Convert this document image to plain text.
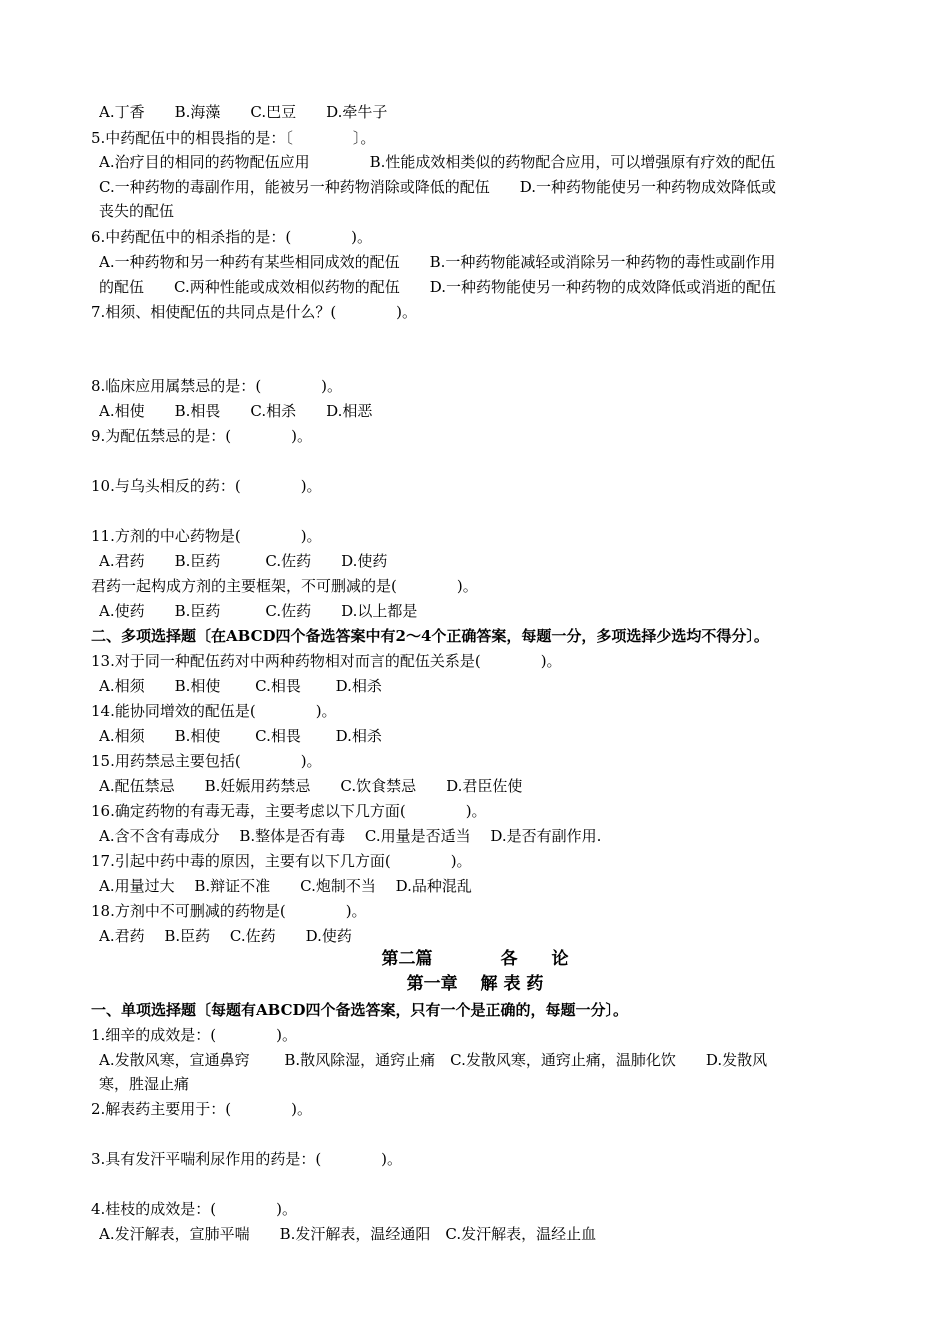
A.丁香　　B.海藻　　C.巴豆　　D.牵牛子
5.中药配伍中的相畏指的是：〔　　　　〕。
A.治疗目的相同的药物配伍应用　　　　B.性能成效相类似的药物配合应用，可以增强原有疗效的配伍
C.一种药物的毒副作用，能被另一种药物消除或降低的配伍　　D.一种药物能使另一种药物成效降低或
丧失的配伍
6.中药配伍中的相杀指的是：(　　　　)。
A.一种药物和另一种药有某些相同成效的配伍　　B.一种药物能减轻或消除另一种药物的毒性或副作用
的配伍　　C.两种性能或成效相似药物的配伍　　D.一种药物能使另一种药物的成效降低或消逝的配伍
7.相须、相使配伍的共同点是什么？(　　　　)。
8.临床应用属禁忌的是：(　　　　)。
A.相使　　B.相畏　　C.相杀　　D.相恶
9.为配伍禁忌的是：(　　　　)。
10.与乌头相反的药：(　　　　)。
11.方剂的中心药物是(　　　　)。
A.君药　　B.臣药　　　C.佐药　　D.使药
君药一起构成方剂的主要框架，不可删减的是(　　　　)。
A.使药　　B.臣药　　　C.佐药　　D.以上都是
二、多项选择题〔在ABCD四个备选答案中有2～4个正确答案，每题一分，多项选择少选均不得分〕。
13.对于同一种配伍药对中两种药物相对而言的配伍关系是(　　　　)。
A.相须　　B.相使　　 C.相畏　　 D.相杀
14.能协同增效的配伍是(　　　　)。
A.相须　　B.相使　　 C.相畏　　 D.相杀
15.用药禁忌主要包括(　　　　)。
A.配伍禁忌　　B.妊娠用药禁忌　　C.饮食禁忌　　D.君臣佐使
16.确定药物的有毒无毒，主要考虑以下几方面(　　　　)。
A.含不含有毒成分　 B.整体是否有毒　 C.用量是否适当　 D.是否有副作用.
17.引起中药中毒的原因，主要有以下几方面(　　　　)。
A.用量过大　 B.辩证不准　　C.炮制不当　 D.品种混乱
18.方剂中不可删减的药物是(　　　　)。
A.君药　 B.臣药　 C.佐药　　D.使药
一、单项选择题〔每题有ABCD四个备选答案，只有一个是正确的，每题一分〕。
1.细辛的成效是：(　　　　)。
A.发散风寒，宣通鼻窍　　 B.散风除湿，通窍止痛　C.发散风寒，通窍止痛，温肺化饮　　D.发散风
寒，胜湿止痛
2.解表药主要用于：(　　　　)。
3.具有发汗平喘利尿作用的药是：(　　　　)。
4.桂枝的成效是：(　　　　)。
A.发汗解表，宣肺平喘　　B.发汗解表，温经通阳　C.发汗解表，温经止血
第二篇　　　　各　　论
第一章　 解 表 药
